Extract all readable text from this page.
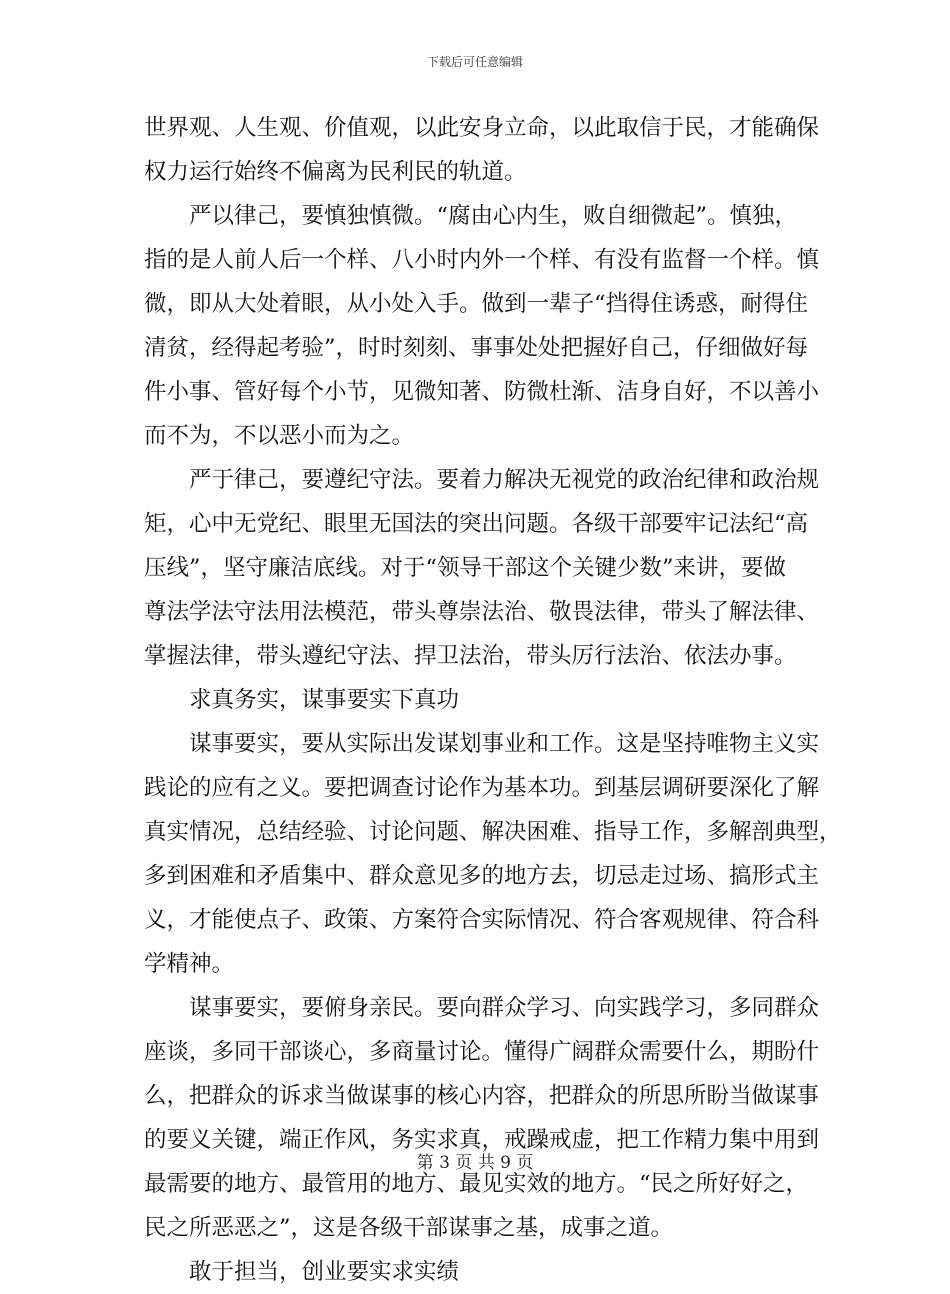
下载后可任意编辑
世界观、人生观、价值观，以此安身立命，以此取信于民，才能确保
权力运行始终不偏离为民利民的轨道。
严以律己，要慎独慎微。“腐由心内生，败自细微起”。慎独，
指的是人前人后一个样、八小时内外一个样、有没有监督一个样。慎
微，即从大处着眼，从小处入手。做到一辈子“挡得住诱惑，耐得住
清贫，经得起考验”，时时刻刻、事事处处把握好自己，仔细做好每
件小事、管好每个小节，见微知著、防微杜渐、洁身自好，不以善小
而不为，不以恶小而为之。
严于律己，要遵纪守法。要着力解决无视党的政治纪律和政治规
矩，心中无党纪、眼里无国法的突出问题。各级干部要牢记法纪“高
压线”，坚守廉洁底线。对于“领导干部这个关键少数”来讲，要做
尊法学法守法用法模范，带头尊崇法治、敬畏法律，带头了解法律、
掌握法律，带头遵纪守法、捍卫法治，带头厉行法治、依法办事。
求真务实，谋事要实下真功
谋事要实，要从实际出发谋划事业和工作。这是坚持唯物主义实
践论的应有之义。要把调查讨论作为基本功。到基层调研要深化了解
真实情况，总结经验、讨论问题、解决困难、指导工作，多解剖典型，
多到困难和矛盾集中、群众意见多的地方去，切忌走过场、搞形式主
义，才能使点子、政策、方案符合实际情况、符合客观规律、符合科
学精神。
谋事要实，要俯身亲民。要向群众学习、向实践学习，多同群众
座谈，多同干部谈心，多商量讨论。懂得广阔群众需要什么，期盼什
么，把群众的诉求当做谋事的核心内容，把群众的所思所盼当做谋事
的要义关键，端正作风，务实求真，戒躁戒虚，把工作精力集中用到
最需要的地方、最管用的地方、最见实效的地方。“民之所好好之，
民之所恶恶之”，这是各级干部谋事之基，成事之道。
敢于担当，创业要实求实绩
第 3 页 共 9 页
